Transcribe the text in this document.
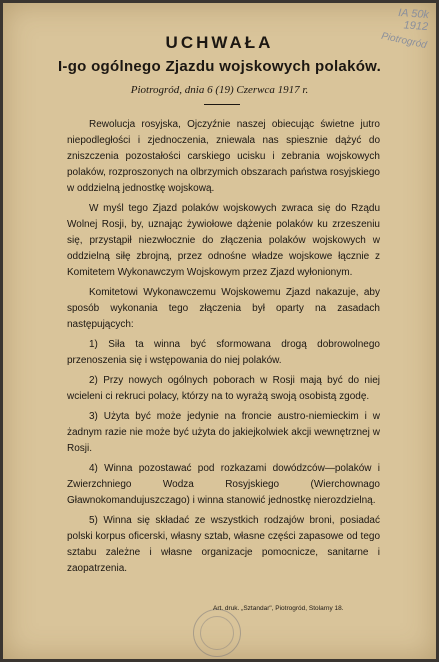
IA 50k
1912
Piotrogród
UCHWAŁA
I-go ogólnego Zjazdu wojskowych polaków.
Piotrogród, dnia 6 (19) Czerwca 1917 r.

Rewolucja rosyjska, Ojczyźnie naszej obiecując świetne jutro niepodległości i zjednoczenia, zniewala nas spiesznie dążyć do zniszczenia pozostałości carskiego ucisku i zebrania wojskowych polaków, rozproszonych na olbrzymich obszarach państwa rosyjskiego w oddzielną jednostkę wojskową.

W myśl tego Zjazd polaków wojskowych zwraca się do Rządu Wolnej Rosji, by, uznając żywiołowe dążenie polaków ku zrzeszeniu się, przystąpił niezwłocznie do złączenia polaków wojskowych w oddzielną siłę zbrojną, przez odnośne władze wojskowe łącznie z Komitetem Wykonawczym Wojskowym przez Zjazd wyłonionym.

Komitetowi Wykonawczemu Wojskowemu Zjazd nakazuje, aby sposób wykonania tego złączenia był oparty na zasadach następujących:

1) Siła ta winna być sformowana drogą dobrowolnego przenoszenia się i wstępowania do niej polaków.

2) Przy nowych ogólnych poborach w Rosji mają być do niej wcieleni ci rekruci polacy, którzy na to wyrażą swoją osobistą zgodę.

3) Użyta być może jedynie na froncie austro-niemieckim i w żadnym razie nie może być użyta do jakiejkolwiek akcji wewnętrznej w Rosji.

4) Winna pozostawać pod rozkazami dowódzców—polaków i Zwierzchniego Wodza Rosyjskiego (Wierchownago Gławnokomandujuszczago) i winna stanowić jednostkę nierozdzielną.

5) Winna się składać ze wszystkich rodzajów broni, posiadać polski korpus oficerski, własny sztab, własne części zapasowe od tego sztabu zależne i własne organizacje pomocnicze, sanitarne i zaopatrzenia.

Art. druk. „Sztandar", Piotrogród, Stolarny 18.
